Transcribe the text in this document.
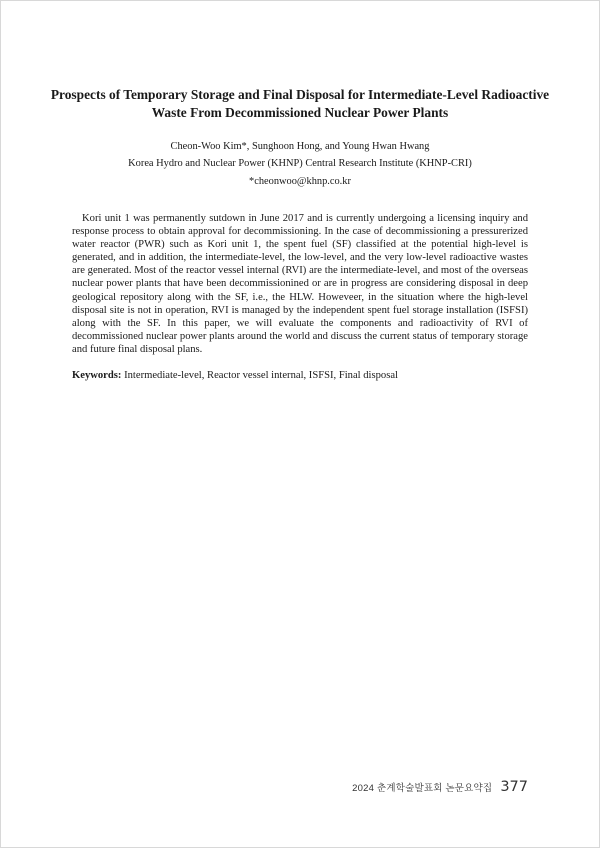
Prospects of Temporary Storage and Final Disposal for Intermediate-Level Radioactive Waste From Decommissioned Nuclear Power Plants

Cheon-Woo Kim*, Sunghoon Hong, and Young Hwan Hwang

Korea Hydro and Nuclear Power (KHNP) Central Research Institute (KHNP-CRI)

*cheonwoo@khnp.co.kr

Kori unit 1 was permanently sutdown in June 2017 and is currently undergoing a licensing inquiry and response process to obtain approval for decommissioning. In the case of decommissioning a pressurerized water reactor (PWR) such as Kori unit 1, the spent fuel (SF) classified at the potential high-level is generated, and in addition, the intermediate-level, the low-level, and the very low-level radioactive wastes are generated. Most of the reactor vessel internal (RVI) are the intermediate-level, and most of the overseas nuclear power plants that have been decommissionined or are in progress are considering disposal in deep geological repository along with the SF, i.e., the HLW. Howeveer, in the situation where the high-level disposal site is not in operation, RVI is managed by the independent spent fuel storage installation (ISFSI) along with the SF. In this paper, we will evaluate the components and radioactivity of RVI of decommissioned nuclear power plants around the world and discuss the current status of temporary storage and future final disposal plans.

Keywords: Intermediate-level, Reactor vessel internal, ISFSI, Final disposal

2024 춘계학술발표회 논문요약집 377
